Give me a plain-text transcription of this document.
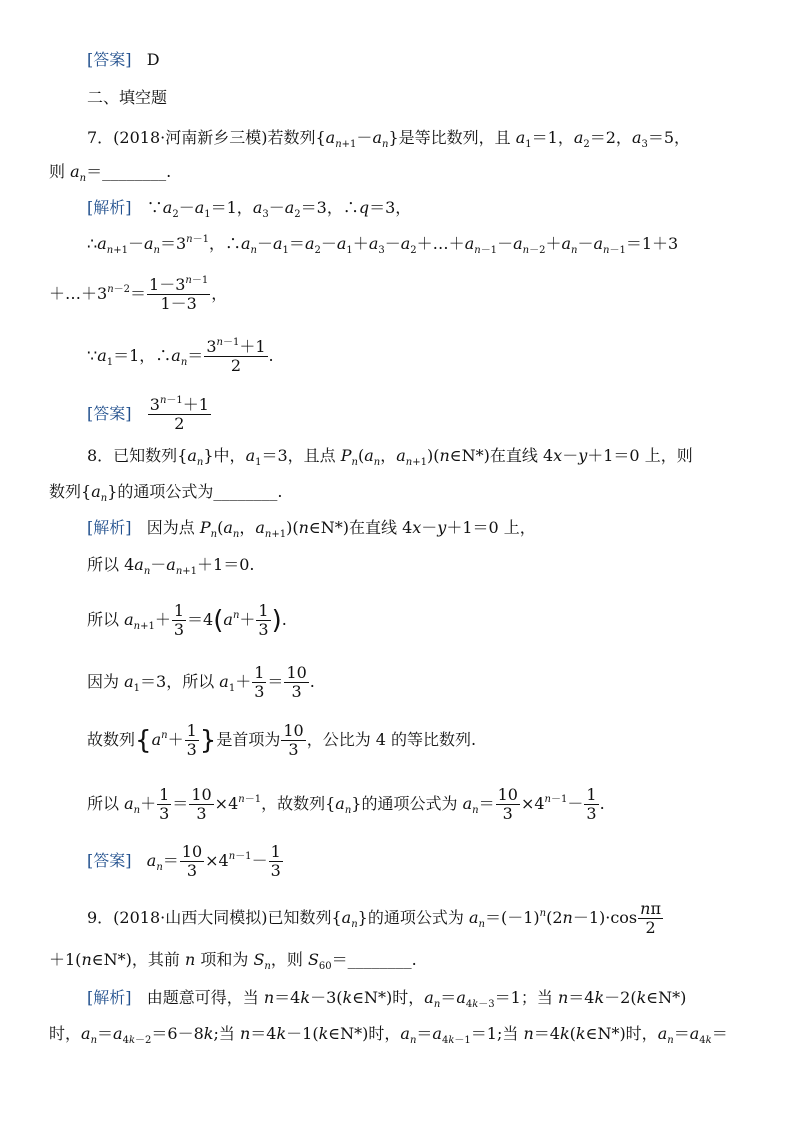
[答案] D
二、填空题
7．(2018·河南新乡三模)若数列$\{a_{n+1}-a_n\}$是等比数列，且 $a_1=1$，$a_2=2$，$a_3=5$，
则 $a_n=\_\_\_\_\_\_\_\_$.
[解析]   $\because a_2-a_1=1$，$a_3-a_2=3$，∴q＝3，
$\therefore a_{n+1}-a_n=3^{n-1}$，$\therefore a_n-a_1=a_2-a_1+a_3-a_2+\dots+a_{n-1}-a_{n-2}+a_n-a_{n-1}=1+3$
$+\dots+3^{n-2}= \frac{1-3^{n-1}}{1-3}$ ，
$\because a_1=1$，$\therefore a_n= \frac{3^{n-1}+1}{2}$ .
[答案] $\frac{3^{n-1}+1}{2}$
8．已知数列$\{a_n\}$中，$a_1=3$，且点 $P_n(a_n$，$a_{n+1})(n\in N*)$在直线 4x－y＋1＝0 上，则
数列$\{a_n\}$的通项公式为________.
[解析]   因为点 $P_n(a_n$，$a_{n+1})(n\in N*)$在直线 4x－y＋1＝0 上，
所以 $4a_n-a_{n+1}+1=0$.
所以 $a_{n+1}+ \frac{1}{3} =4(a^n+ \frac{1}{3}$ ).
因为 $a_1=3$，所以 $a_1+ \frac{1}{3} = \frac{10}{3}$ .
故数列{$a^n+ \frac{1}{3}$ }是首项为 $\frac{10}{3}$ ，公比为 4 的等比数列.
所以 $a_n+ \frac{1}{3} = \frac{10}{3} \times 4^{n-1}$，故数列$\{a_n\}$的通项公式为 $a_n= \frac{10}{3} \times 4^{n-1}- \frac{1}{3}$ .
[答案] $a_n= \frac{10}{3} \times 4^{n-1}- \frac{1}{3}$
9．(2018·山西大同模拟)已知数列$\{a_n\}$的通项公式为 $a_n=(-1)^n(2n-1)\cdot\cos \frac{n\pi}{2}$
＋1(n∈N*)，其前 n 项和为 $S_n$，则 $S_{60}=\_\_\_\_\_\_\_\_$.
[解析]   由题意可得，当 n＝4k－3(k∈N*)时，$a_n=a_{4k-3}=1$；当 n＝4k－2(k∈N*)
时，$a_n=a_{4k-2}=6-8k$;当 n＝4k－1(k∈N*)时，$a_n=a_{4k-1}=1$;当 n＝4k(k∈N*)时，$a_n=a_{4k}=$
